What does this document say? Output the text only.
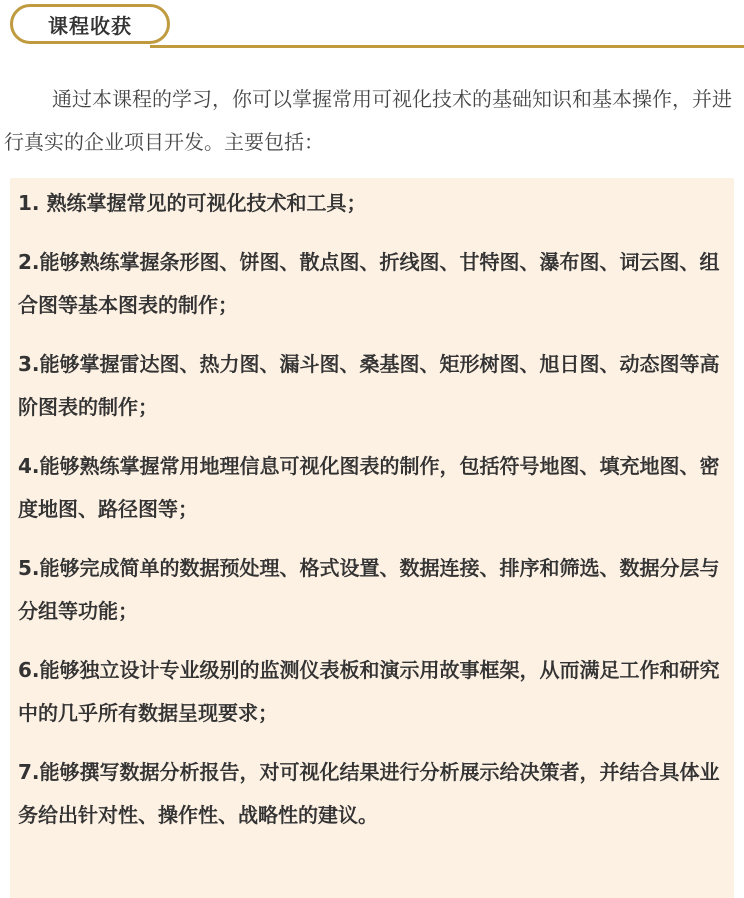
课程收获

通过本课程的学习，你可以掌握常用可视化技术的基础知识和基本操作，并进行真实的企业项目开发。主要包括：

1. 熟练掌握常见的可视化技术和工具；
2.能够熟练掌握条形图、饼图、散点图、折线图、甘特图、瀑布图、词云图、组合图等基本图表的制作；
3.能够掌握雷达图、热力图、漏斗图、桑基图、矩形树图、旭日图、动态图等高阶图表的制作；
4.能够熟练掌握常用地理信息可视化图表的制作，包括符号地图、填充地图、密度地图、路径图等；
5.能够完成简单的数据预处理、格式设置、数据连接、排序和筛选、数据分层与分组等功能；
6.能够独立设计专业级别的监测仪表板和演示用故事框架，从而满足工作和研究中的几乎所有数据呈现要求；
7.能够撰写数据分析报告，对可视化结果进行分析展示给决策者，并结合具体业务给出针对性、操作性、战略性的建议。
